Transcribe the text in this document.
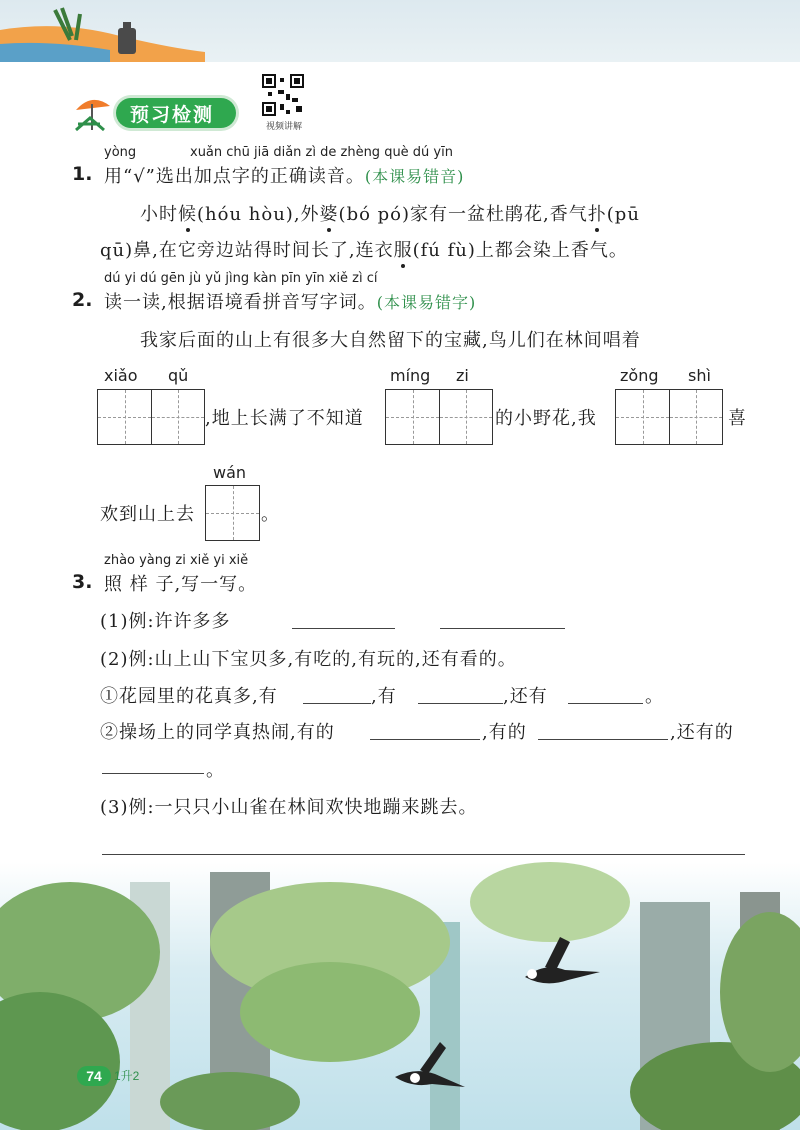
预习检测
视频讲解
yòng	xuǎn chū jiā diǎn zì de zhèng què dú yīn
1. 用“√”选出加点字的正确读音。(本课易错音)
小时候(hóu hòu),外婆(bó pó)家有一盆杜鹃花,香气扑(pū
qū)鼻,在它旁边站得时间长了,连衣服(fú fù)上都会染上香气。
dú yi dú gēn jù yǔ jìng kàn pīn yīn xiě zì cí
2. 读一读,根据语境看拼音写字词。(本课易错字)
我家后面的山上有很多大自然留下的宝藏,鸟儿们在林间唱着
xiǎo qǔ
,地上长满了不知道
míng zi
的小野花,我
zǒng shì
喜
wán
欢到山上去	。
zhào yàng zi xiě yi xiě
3. 照 样 子,写一写。
(1)例:许许多多
(2)例:山上山下宝贝多,有吃的,有玩的,还有看的。
①花园里的花真多,有	,有	,还有	。
②操场上的同学真热闹,有的	,有的	,还有的
。
(3)例:一只只小山雀在林间欢快地蹦来跳去。
74	1升2
